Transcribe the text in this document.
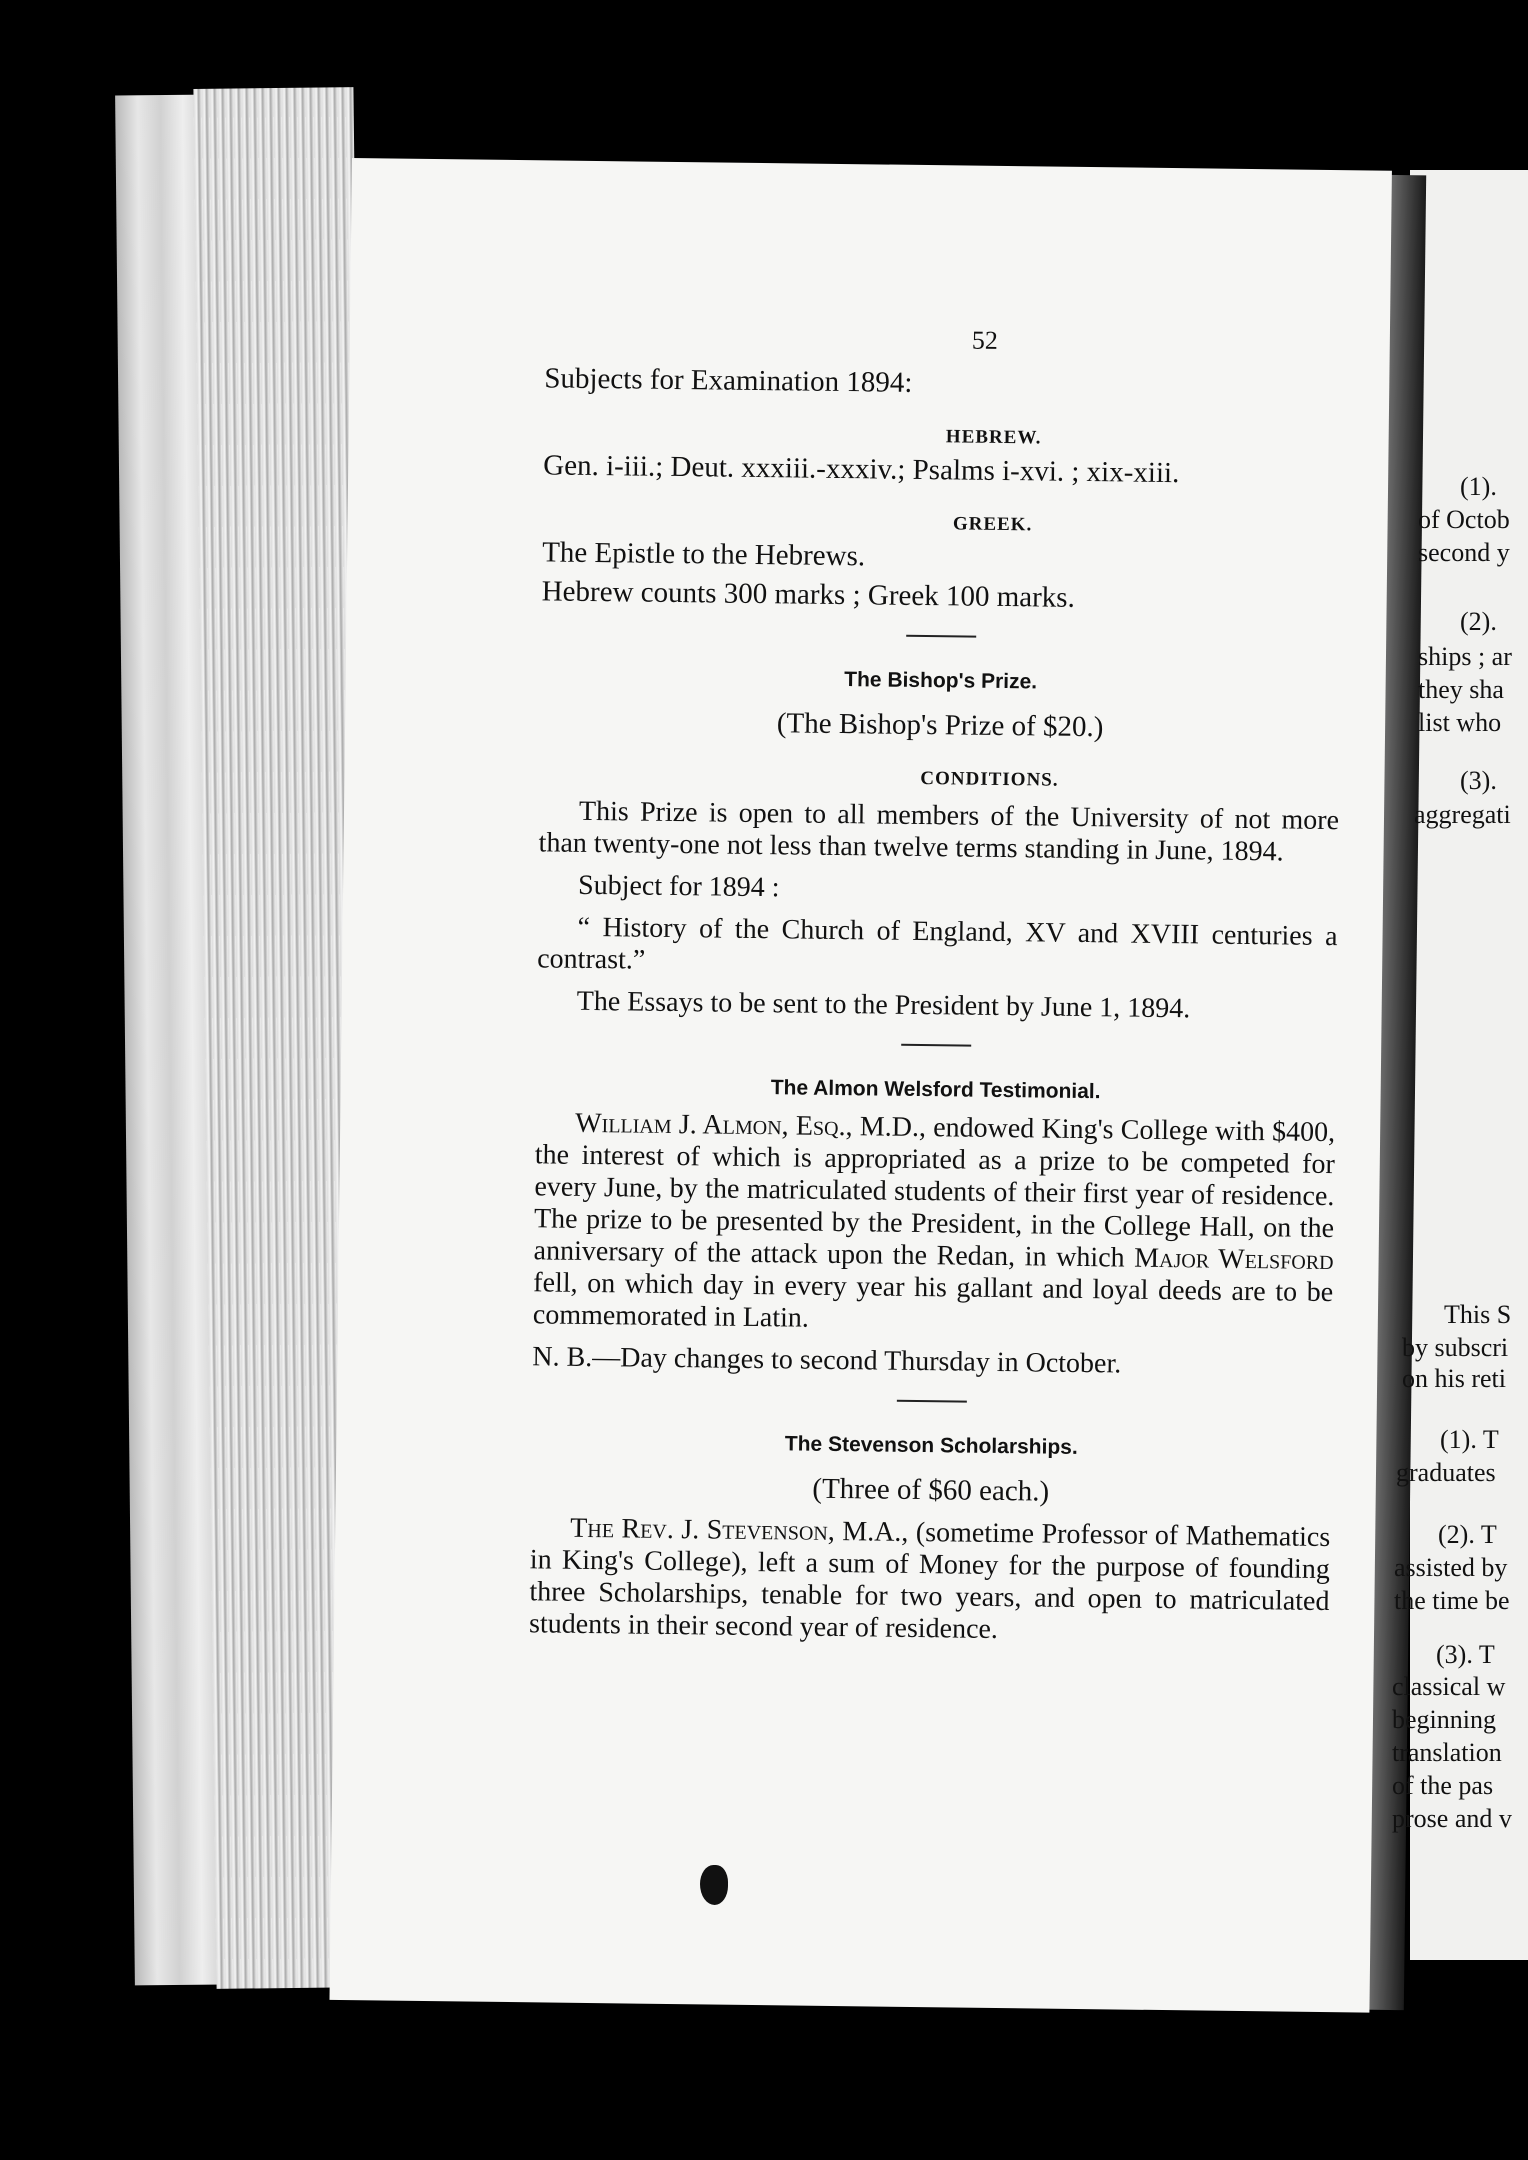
52

Subjects for Examination 1894:

HEBREW.

Gen. i-iii.; Deut. xxxiii.-xxxiv.; Psalms i-xvi. ; xix-xiii.

GREEK.

The Epistle to the Hebrews.

Hebrew counts 300 marks ; Greek 100 marks.

The Bishop's Prize.

(The Bishop's Prize of $20.)

CONDITIONS.

This Prize is open to all members of the University of not more than twenty-one not less than twelve terms standing in June, 1894.

Subject for 1894 :

“ History of the Church of England, XV and XVIII centuries a contrast.”

The Essays to be sent to the President by June 1, 1894.

The Almon Welsford Testimonial.

William J. Almon, Esq., M.D., endowed King's College with $400, the interest of which is appropriated as a prize to be competed for every June, by the matriculated students of their first year of residence. The prize to be presented by the President, in the College Hall, on the anniversary of the attack upon the Redan, in which Major Welsford fell, on which day in every year his gallant and loyal deeds are to be commemorated in Latin.

N. B.—Day changes to second Thursday in October.

The Stevenson Scholarships.

(Three of $60 each.)

The Rev. J. Stevenson, M.A., (sometime Professor of Mathematics in King's College), left a sum of Money for the purpose of founding three Scholarships, tenable for two years, and open to matriculated students in their second year of residence.

(1).
of Octob
second y
(2).
ships ; ar
they sha
list who
(3).
aggregati
This S
by subscri
on his reti
(1). T
graduates
(2). T
assisted by
the time be
(3). T
classical w
beginning
translation
of the pas
prose and v
